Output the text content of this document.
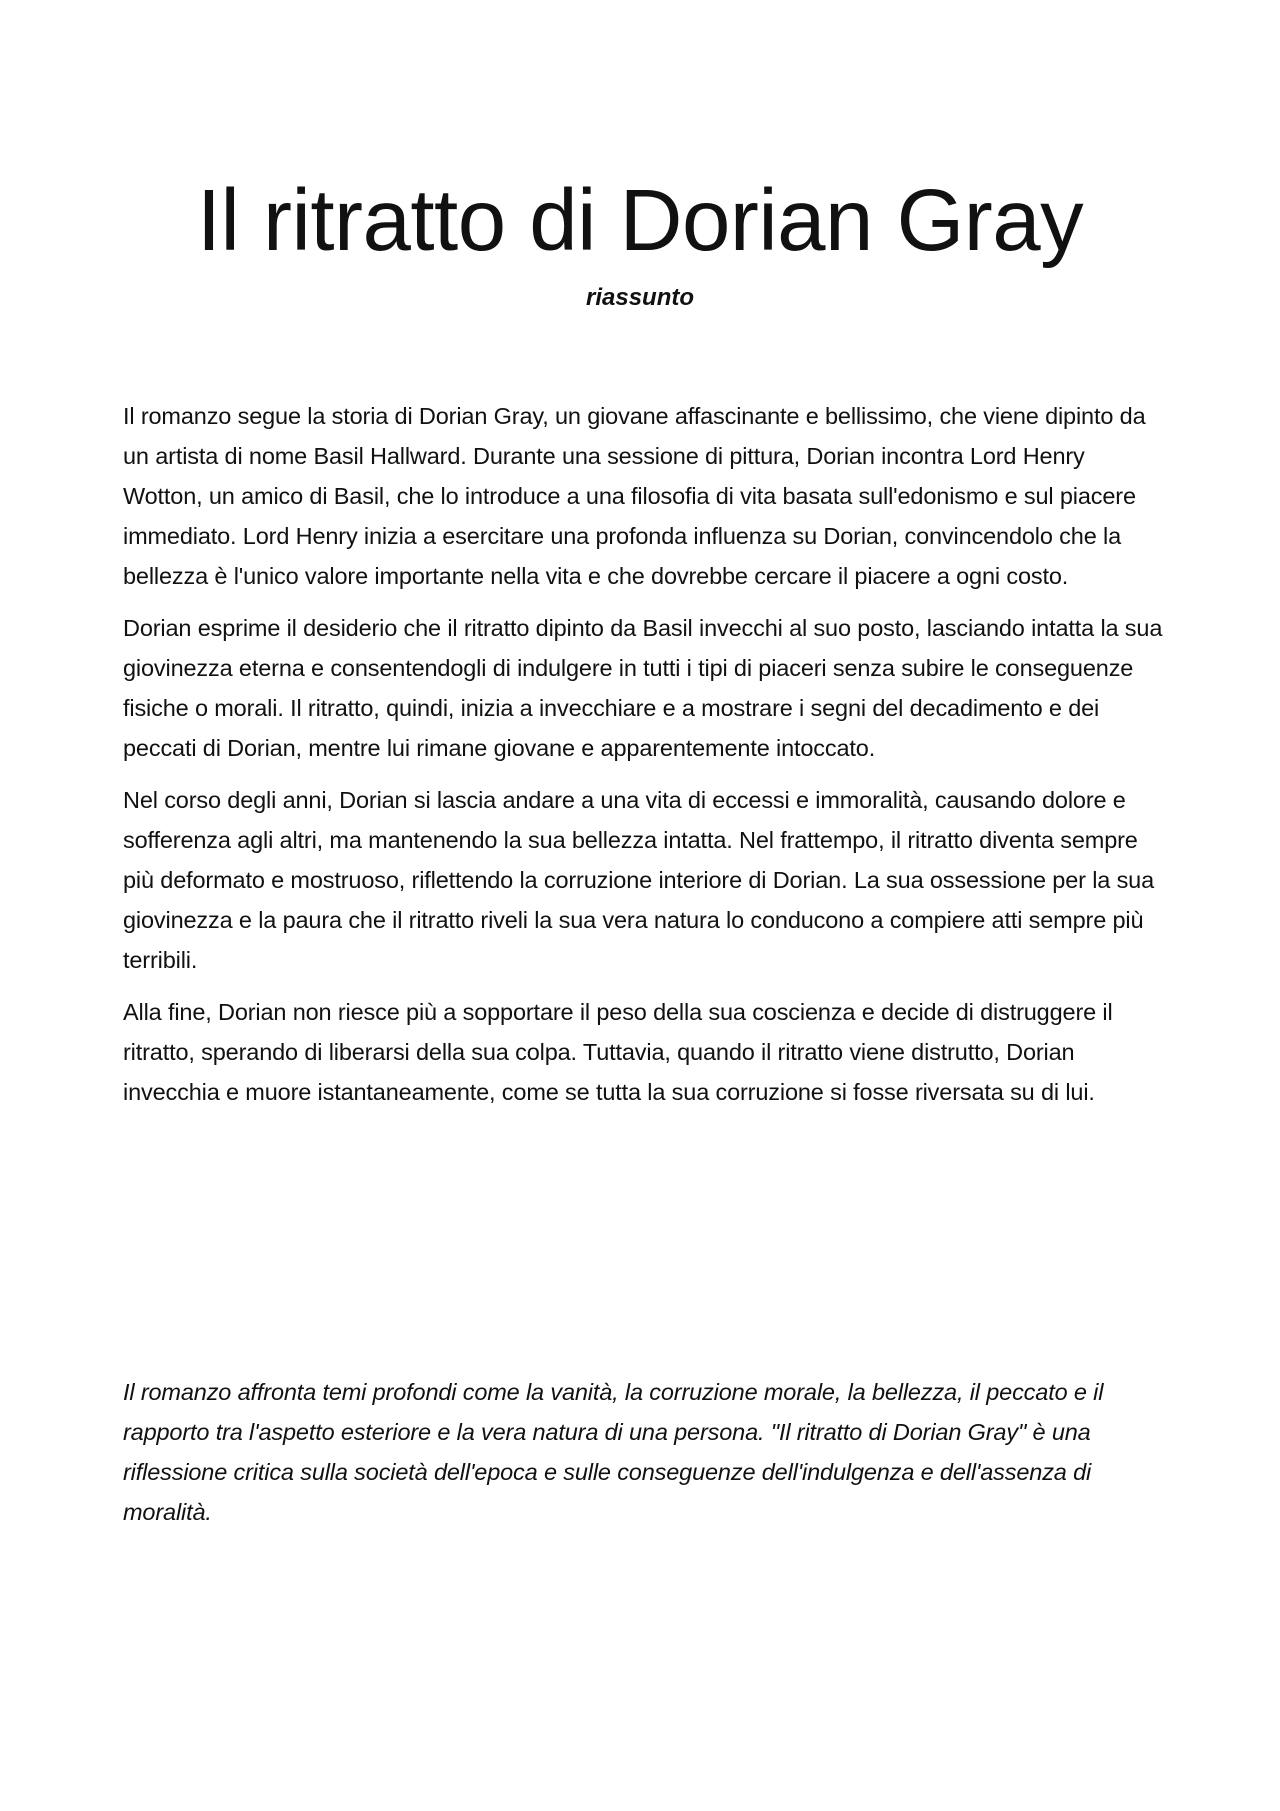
Il ritratto di Dorian Gray
riassunto

Il romanzo segue la storia di Dorian Gray, un giovane affascinante e bellissimo, che viene dipinto da un artista di nome Basil Hallward. Durante una sessione di pittura, Dorian incontra Lord Henry Wotton, un amico di Basil, che lo introduce a una filosofia di vita basata sull'edonismo e sul piacere immediato. Lord Henry inizia a esercitare una profonda influenza su Dorian, convincendolo che la bellezza è l'unico valore importante nella vita e che dovrebbe cercare il piacere a ogni costo.

Dorian esprime il desiderio che il ritratto dipinto da Basil invecchi al suo posto, lasciando intatta la sua giovinezza eterna e consentendogli di indulgere in tutti i tipi di piaceri senza subire le conseguenze fisiche o morali. Il ritratto, quindi, inizia a invecchiare e a mostrare i segni del decadimento e dei peccati di Dorian, mentre lui rimane giovane e apparentemente intoccato.

Nel corso degli anni, Dorian si lascia andare a una vita di eccessi e immoralità, causando dolore e sofferenza agli altri, ma mantenendo la sua bellezza intatta. Nel frattempo, il ritratto diventa sempre più deformato e mostruoso, riflettendo la corruzione interiore di Dorian. La sua ossessione per la sua giovinezza e la paura che il ritratto riveli la sua vera natura lo conducono a compiere atti sempre più terribili.

Alla fine, Dorian non riesce più a sopportare il peso della sua coscienza e decide di distruggere il ritratto, sperando di liberarsi della sua colpa. Tuttavia, quando il ritratto viene distrutto, Dorian invecchia e muore istantaneamente, come se tutta la sua corruzione si fosse riversata su di lui.

Il romanzo affronta temi profondi come la vanità, la corruzione morale, la bellezza, il peccato e il rapporto tra l'aspetto esteriore e la vera natura di una persona. "Il ritratto di Dorian Gray" è una riflessione critica sulla società dell'epoca e sulle conseguenze dell'indulgenza e dell'assenza di moralità.
